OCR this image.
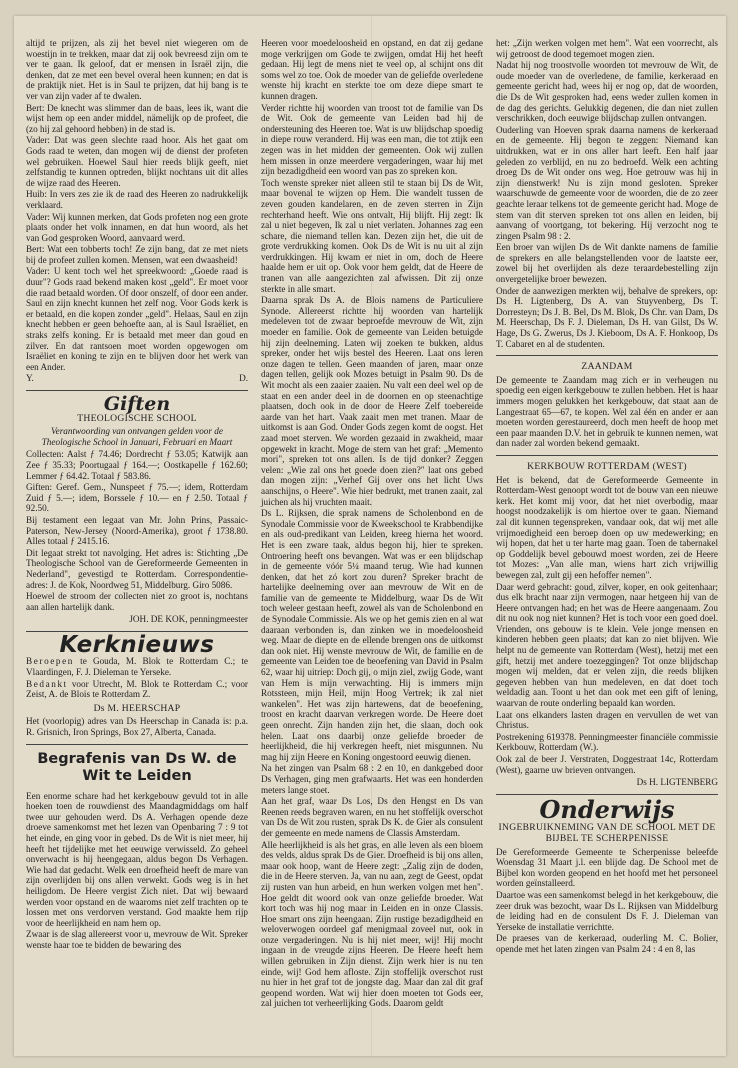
altijd te prijzen, als zij het bevel niet wiegeren om de woestijn in te trekken, maar dat zij ook bevreesd zijn om te ver te gaan. Ik geloof, dat er mensen in Israël zijn, die denken, dat ze met een bevel overal heen kunnen; en dat is de praktijk niet. Het is in Saul te prijzen, dat hij bang is te ver van zijn vader af te dwalen.

Bert: De knecht was slimmer dan de baas, lees ik, want die wijst hem op een ander middel, nämelijk op de profeet, die (zo hij zal gehoord hebben) in de stad is.

Vader: Dat was geen slechte raad hoor. Als het gaat om Gods raad te weten, dan mogen wij de dienst der profeten wel gebruiken. Hoewel Saul hier reeds blijk geeft, niet zelfstandig te kunnen optreden, blijkt nochtans uit dit alles de wijze raad des Heeren.

Huib: In vers zes zie ik de raad des Heeren zo nadrukkelijk verklaard.

Vader: Wij kunnen merken, dat Gods profeten nog een grote plaats onder het volk innamen, en dat hun woord, als het van God gesproken Woord, aanvaard werd.

Bert: Wat een tobberts toch! Ze zijn bang, dat ze met niets bij de profeet zullen komen. Mensen, wat een dwaasheid!

Vader: U kent toch wel het spreekwoord: „Goede raad is duur"? Gods raad bekend maken kost „geld". Er moet voor die raad betaald worden. Of door onszelf, of door een ander. Saul en zijn knecht kunnen het zelf nog. Voor Gods kerk is er betaald, en die kopen zonder „geld". Helaas, Saul en zijn knecht hebben er geen behoefte aan, al is Saul Israëliet, en straks zelfs koning. Er is betaald met meer dan goud en zilver. En dat rantsoen moet worden opgewogen om Israëliet en koning te zijn en te blijven door het werk van een Ander.

Y.	D.
Giften
THEOLOGISCHE SCHOOL
Verantwoording van ontvangen gelden voor de Theologische School in Januari, Februari en Maart

Collecten: Aalst ƒ 74.46; Dordrecht ƒ 53.05; Katwijk aan Zee ƒ 35.33; Poortugaal ƒ 164.—; Oostkapelle ƒ 162.60; Lemmer ƒ 64.42. Totaal ƒ 583.86.

Giften: Geref. Gem., Nunspeet ƒ 75.—; idem, Rotterdam Zuid ƒ 5.—; idem, Borssele ƒ 10.— en ƒ 2.50. Totaal ƒ 92.50.

Bij testament een legaat van Mr. John Prins, Passaic-Paterson, New-Jersey (Noord-Amerika), groot ƒ 1738.80. Alles totaal ƒ 2415.16.

Dit legaat strekt tot navolging. Het adres is: Stichting „De Theologische School van de Gereformeerde Gemeenten in Nederland", gevestigd te Rotterdam. Correspondentie-adres: J. de Kok, Noordweg 51, Middelburg. Giro 5086.

Hoewel de stroom der collecten niet zo groot is, nochtans aan allen hartelijk dank.

JOH. DE KOK, penningmeester
Kerknieuws

Beroepen te Gouda, M. Blok te Rotterdam C.; te Vlaardingen, F. J. Dieleman te Yerseke.

Bedankt voor Utrecht, M. Blok te Rotterdam C.; voor Zeist, A. de Blois te Rotterdam Z.

Ds M. HEERSCHAP

Het (voorlopig) adres van Ds Heerschap in Canada is: p.a. R. Grisnich, Iron Springs, Box 27, Alberta, Canada.

Begrafenis van Ds W. de Wit te Leiden

Een enorme schare had het kerkgebouw gevuld tot in alle hoeken toen de rouwdienst des Maandagmiddags om half twee uur gehouden werd. Ds A. Verhagen opende deze droeve samenkomst met het lezen van Openbaring 7 : 9 tot het einde, en ging voor in gebed. Ds de Wit is niet meer, hij heeft het tijdelijke met het eeuwige verwisseld. Zo geheel onverwacht is hij heengegaan, aldus begon Ds Verhagen. Wie had dat gedacht. Welk een droefheid heeft de mare van zijn overlijden bij ons allen verwekt. Gods weg is in het heiligdom. De Heere vergist Zich niet. Dat wij bewaard werden voor opstand en de waaroms niet zelf trachten op te lossen met ons verdorven verstand. God maakte hem rijp voor de heerlijkheid en nam hem op.

Zwaar is de slag allereerst voor u, mevrouw de Wit. Spreker wenste haar toe te bidden de bewaring des

Heeren voor moedeloosheid en opstand, en dat zij gedane moge verkrijgen om Gode te zwijgen, omdat Hij het heeft gedaan. Hij legt de mens niet te veel op, al schijnt ons dit soms wel zo toe. Ook de moeder van de geliefde overledene wenste hij kracht en sterkte toe om deze diepe smart te kunnen dragen.

Verder richtte hij woorden van troost tot de familie van Ds de Wit. Ook de gemeente van Leiden bad hij de ondersteuning des Heeren toe. Wat is uw blijdschap spoedig in diepe rouw veranderd. Hij was een man, die tot ztijk een zegen was in het midden der gemeenten. Ook wij zullen hem missen in onze meerdere vergaderingen, waar hij met zijn bezadigdheid een woord van pas zo spreken kon.

Toch wenste spreker niet alleen stil te staan bij Ds de Wit, maar bovenal te wijzen op Hem. Die wandelt tussen de zeven gouden kandelaren, en de zeven sterren in Zijn rechterhand heeft. Wie ons ontvalt, Hij blijft. Hij zegt: Ik zal u niet begeven, Ik zal u niet verlaten. Johannes zag een schare, die niemand tellen kan. Dezen zijn het, die uit de grote verdrukking komen. Ook Ds de Wit is nu uit al zijn verdrukkingen. Hij kwam er niet in om, doch de Heere haalde hem er uit op. Ook voor hem geldt, dat de Heere de tranen van alle aangezichten zal afwissen. Dit zij onze sterkte in alle smart.

Daarna sprak Ds A. de Blois namens de Particuliere Synode. Allereerst richtte hij woorden van hartelijk medeleven tot de zwaar beproefde mevrouw de Wit, zijn moeder en familie. Ook de gemeente van Leiden betuigde hij zijn deelneming. Laten wij zoeken te bukken, aldus spreker, onder het wijs bestel des Heeren. Laat ons leren onze dagen te tellen. Geen maanden of jaren, maar onze dagen tellen, gelijk ook Mozes betuigt in Psalm 90. Ds de Wit mocht als een zaaier zaaien. Nu valt een deel wel op de staat en een ander deel in de doornen en op steenachtige plaatsen, doch ook in de door de Heere Zelf toebereide aarde van het hart. Vaak zaait men met tranen. Maar de uitkomst is aan God. Onder Gods zegen komt de oogst. Het zaad moet sterven. We worden gezaaid in zwakheid, maar opgewekt in kracht. Moge de stem van het graf: „Memento mori", spreken tot ons allen. Is de tijd donker? Zeggen velen: „Wie zal ons het goede doen zien?" laat ons gebed dan mogen zijn: „Verhef Gij over ons het licht Uws aanschijns, o Heere". Wie hier bedrukt, met tranen zaait, zal juichen als hij vruchten maait.

Ds L. Rijksen, die sprak namens de Scholenbond en de Synodale Commissie voor de Kweekschool te Krabbendijke en als oud-predikant van Leiden, kreeg hierna het woord. Het is een zware taak, aldus begon hij, hier te spreken. Ontroering heeft ons bevangen. Wat was er een blijdschap in de gemeente vóór 5¼ maand terug. Wie had kunnen denken, dat het zó kort zou duren? Spreker bracht de hartelijke deelneming over aan mevrouw de Wit en de familie van de gemeente te Middelburg, waar Ds de Wit toch weleer gestaan heeft, zowel als van de Scholenbond en de Synodale Commissie. Als we op het gemis zien en al wat daaraan verbonden is, dan zinken we in moedeloosheid weg. Maar de diepte en de ellende brengen ons de uitkomst dan ook niet. Hij wenste mevrouw de Wit, de familie en de gemeente van Leiden toe de beoefening van David in Psalm 62, waar hij uitriep: Doch gij, o mijn ziel, zwijg Gode, want van Hem is mijn verwachting. Hij is immers mijn Rotssteen, mijn Heil, mijn Hoog Vertrek; ik zal niet wankelen". Het was zijn hartewens, dat de beoefening, troost en kracht daarvan verkregen worde. De Heere doet geen onrecht. Zijn handen zijn het, die slaan, doch ook helen. Laat ons daarbij onze geliefde broeder de heerlijkheid, die hij verkregen heeft, niet misgunnen. Nu mag hij zijn Heere en Koning ongestoord eeuwig dienen.

Na het zingen van Psalm 68 : 2 en 10, en dankgebed door Ds Verhagen, ging men grafwaarts. Het was een honderden meters lange stoet.

Aan het graf, waar Ds Los, Ds den Hengst en Ds van Reenen reeds begraven waren, en nu het stoffelijk overschot van Ds de Wit zou rusten, sprak Ds K. de Gier als consulent der gemeente en mede namens de Classis Amsterdam.

Alle heerlijkheid is als het gras, en alle leven als een bloem des velds, aldus sprak Ds de Gier. Droefheid is bij ons allen, maar ook hoop, want de Heere zegt: „Zalig zijn de doden, die in de Heere sterven. Ja, van nu aan, zegt de Geest, opdat zij rusten van hun arbeid, en hun werken volgen met hen". Hoe geldt dit woord ook van onze geliefde broeder. Wat kort toch was hij nog maar in Leiden en in onze Classis. Hoe smart ons zijn heengaan. Zijn rustige bezadigdheid en weloverwogen oordeel gaf menigmaal zoveel nut, ook in onze vergaderingen. Nu is hij niet meer, wij! Hij mocht ingaan in de vreugde zijns Heeren. De Heere heeft hem willen gebruiken in Zijn dienst. Zijn werk hier is nu ten einde, wij! God hem afloste. Zijn stoffelijk overschot rust nu hier in het graf tot de jongste dag. Maar dan zal dit graf geopend worden. Wat wij hier doen moeten tot Gods eer, zal juichen tot verheerlijking Gods. Daarom geldt

het: „Zijn werken volgen met hem". Wat een voorrecht, als wij getroost de dood tegemoet mogen zien.

Nadat hij nog troostvolle woorden tot mevrouw de Wit, de oude moeder van de overledene, de familie, kerkeraad en gemeente gericht had, wees hij er nog op, dat de woorden, die Ds de Wit gesproken had, eens weder zullen komen in de dag des gerichts. Gelukkig degenen, die dan niet zullen verschrikken, doch eeuwige blijdschap zullen ontvangen.

Ouderling van Hoeven sprak daarna namens de kerkeraad en de gemeente. Hij begon te zeggen: Niemand kan uitdrukken, wat er in ons aller hart leeft. Een half jaar geleden zo verblijd, en nu zo bedroefd. Welk een achting droeg Ds de Wit onder ons weg. Hoe getrouw was hij in zijn dienstwerk! Nu is zijn mond gesloten. Spreker waarschuwde de gemeente voor de woorden, die de zo zeer geachte leraar telkens tot de gemeente gericht had. Moge de stem van dit sterven spreken tot ons allen en leiden, bij aanvang of voortgang, tot bekering. Hij verzocht nog te zingen Psalm 98 : 2.

Een broer van wijlen Ds de Wit dankte namens de familie de sprekers en alle belangstellenden voor de laatste eer, zowel bij het overlijden als deze teraardebestelling zijn onvergetelijke broer bewezen.

Onder de aanwezigen merkten wij, behalve de sprekers, op: Ds H. Ligtenberg, Ds A. van Stuyvenberg, Ds T. Dorresteyn; Ds J. B. Bel, Ds M. Blok, Ds Chr. van Dam, Ds M. Heerschap, Ds F. J. Dieleman, Ds H. van Gilst, Ds W. Hage, Ds G. Zwerus, Ds J. Kieboom, Ds A. F. Honkoop, Ds T. Cabaret en al de studenten.

ZAANDAM

De gemeente te Zaandam mag zich er in verheugen nu spoedig een eigen kerkgebouw te zullen hebben. Het is haar immers mogen gelukken het kerkgebouw, dat staat aan de Langestraat 65—67, te kopen. Wel zal één en ander er aan moeten worden gerestaureerd, doch men heeft de hoop met een paar maanden D.V. het in gebruik te kunnen nemen, wat dan nader zal worden bekend gemaakt.

KERKBOUW ROTTERDAM (WEST)

Het is bekend, dat de Gereformeerde Gemeente in Rotterdam-West genoopt wordt tot de bouw van een nieuwe kerk. Het komt mij voor, dat het niet overbodig, maar hoogst noodzakelijk is om hiertoe over te gaan. Niemand zal dit kunnen tegenspreken, vandaar ook, dat wij met alle vrijmoedigheid een beroep doen op uw medewerking; en wij hopen, dat het u ter harte mag gaan. Toen de tabernakel op Goddelijk bevel gebouwd moest worden, zei de Heere tot Mozes: „Van alle man, wiens hart zich vrijwillig bewegen zal, zult gij een hefoffer nemen".

Daar werd gebracht: goud, zilver, koper, en ook geitenhaar; dus elk bracht naar zijn vermogen, naar hetgeen hij van de Heere ontvangen had; en het was de Heere aangenaam. Zou dit nu ook nog niet kunnen? Het is toch voor een goed doel. Vrienden, ons gebouw is te klein. Vele jonge mensen en kinderen hebben geen plaats; dat kan zo niet blijven. Wie helpt nu de gemeente van Rotterdam (West), hetzij met een gift, hetzij met andere toezeggingen? Tot onze blijdschap mogen wij melden, dat er velen zijn, die reeds blijken gegeven hebben van hun medeleven, en dat doet toch weldadig aan. Toont u het dan ook met een gift of lening, waarvan de route onderling bepaald kan worden.

Laat ons elkanders lasten dragen en vervullen de wet van Christus.

Postrekening 619378. Penningmeester financiële commissie Kerkbouw, Rotterdam (W.).

Ook zal de beer J. Verstraten, Doggestraat 14c, Rotterdam (West), gaarne uw brieven ontvangen.

Ds H. LIGTENBERG
Onderwijs
INGEBRUIKNEMING VAN DE SCHOOL MET DE BIJBEL TE SCHERPENISSE

De Gereformeerde Gemeente te Scherpenisse beleefde Woensdag 31 Maart j.l. een blijde dag. De School met de Bijbel kon worden geopend en het hoofd met het personeel worden geïnstalleerd.

Daartoe was een samenkomst belegd in het kerkgebouw, die zeer druk was bezocht, waar Ds L. Rijksen van Middelburg de leiding had en de consulent Ds F. J. Dieleman van Yerseke de installatie verrichtte.

De praeses van de kerkeraad, ouderling M. C. Bolier, opende met het laten zingen van Psalm 24 : 4 en 8, las
